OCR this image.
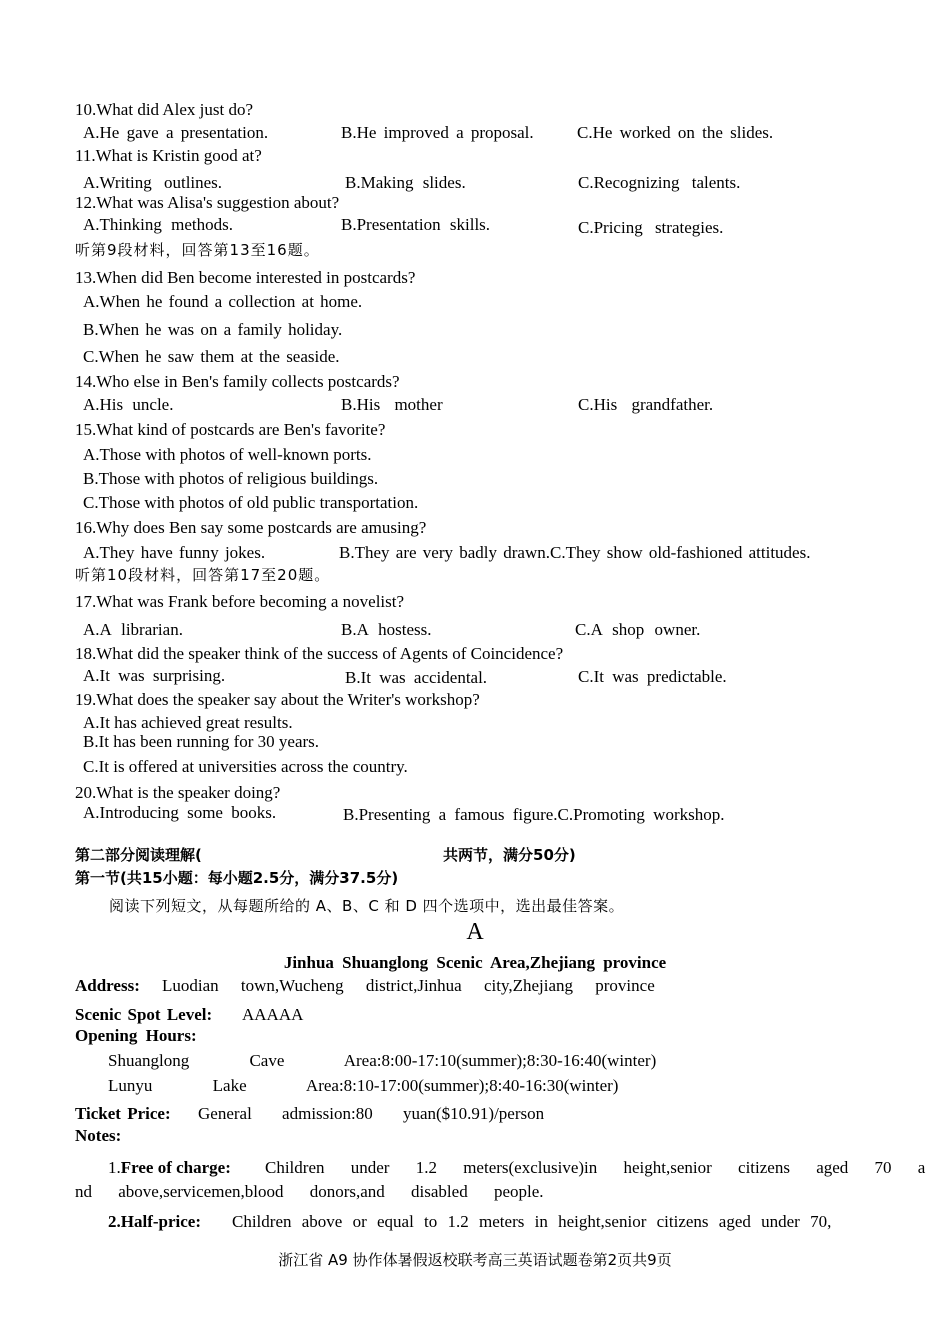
10.What did Alex just do?
A.He gave a presentation.	B.He improved a proposal.	C.He worked on the slides.
11.What is Kristin good at?
A.Writing outlines.	B.Making slides.	C.Recognizing talents.
12.What was Alisa's suggestion about?
A.Thinking methods.	B.Presentation skills.	C.Pricing strategies.
听第9段材料，回答第13至16题。
13.When did Ben become interested in postcards?
A.When he found a collection at home.
B.When he was on a family holiday.
C.When he saw them at the seaside.
14.Who else in Ben's family collects postcards?
A.His uncle.	B.His mother	C.His grandfather.
15.What kind of postcards are Ben's favorite?
A.Those with photos of well-known ports.
B.Those with photos of religious buildings.
C.Those with photos of old public transportation.
16.Why does Ben say some postcards are amusing?
A.They have funny jokes.	B.They are very badly drawn.C.They show old-fashioned attitudes.
听第10段材料，回答第17至20题。
17.What was Frank before becoming a novelist?
A.A librarian.	B.A hostess.	C.A shop owner.
18.What did the speaker think of the success of Agents of Coincidence?
A.It was surprising.	B.It was accidental.	C.It was predictable.
19.What does the speaker say about the Writer's workshop?
A.It has achieved great results.
B.It has been running for 30 years.
C.It is offered at universities across the country.
20.What is the speaker doing?
A.Introducing some books.	B.Presenting a famous figure.C.Promoting workshop.
第二部分阅读理解(	共两节，满分50分)
第一节(共15小题：每小题2.5分，满分37.5分)
阅读下列短文，从每题所给的 A、B、C 和 D 四个选项中，选出最佳答案。
A
Jinhua Shuanglong Scenic Area,Zhejiang province
Address: Luodian town,Wucheng district,Jinhua city,Zhejiang province
Scenic Spot Level: AAAAA
Opening Hours:
Shuanglong Cave Area:8:00-17:10(summer);8:30-16:40(winter)
Lunyu Lake Area:8:10-17:00(summer);8:40-16:30(winter)
Ticket Price: General admission:80 yuan($10.91)/person
Notes:
1.Free of charge: Children under 1.2 meters(exclusive)in height,senior citizens aged 70 a
nd above,servicemen,blood donors,and disabled people.
2.Half-price: Children above or equal to 1.2 meters in height,senior citizens aged under 70,
浙江省 A9 协作体暑假返校联考高三英语试题卷第2页共9页
